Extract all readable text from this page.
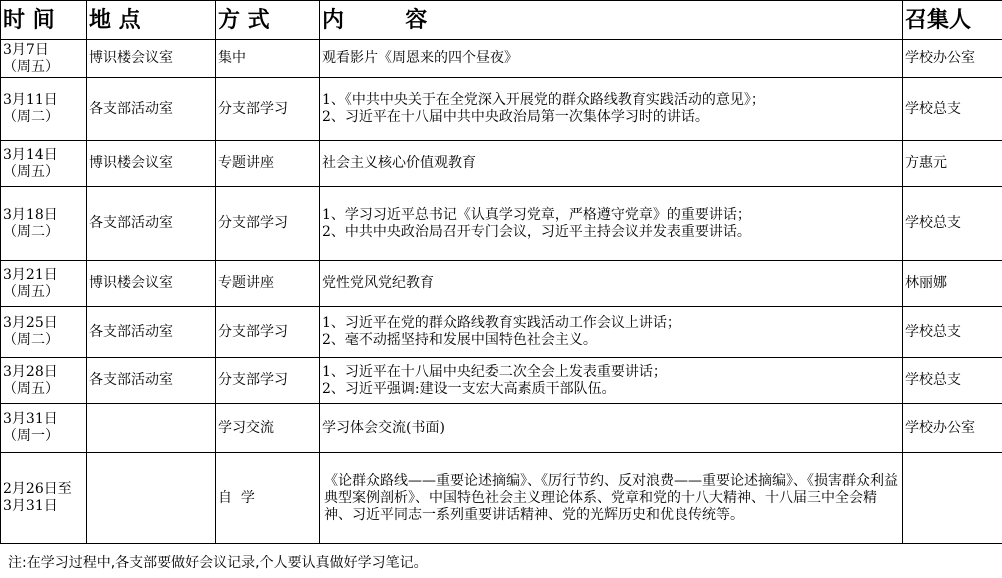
时 间	地 点	方 式	内        容	召集人

3月7日
（周五）	博识楼会议室	集中	观看影片《周恩来的四个昼夜》	学校办公室

3月11日
（周二）	各支部活动室	分支部学习	1、《中共中央关于在全党深入开展党的群众路线教育实践活动的意见》；
2、习近平在十八届中共中央政治局第一次集体学习时的讲话。	学校总支

3月14日
（周五）	博识楼会议室	专题讲座	社会主义核心价值观教育	方惠元

3月18日
（周二）	各支部活动室	分支部学习	1、学习习近平总书记《认真学习党章，严格遵守党章》的重要讲话；
2、中共中央政治局召开专门会议，习近平主持会议并发表重要讲话。	学校总支

3月21日
（周五）	博识楼会议室	专题讲座	党性党风党纪教育	林丽娜

3月25日
（周二）	各支部活动室	分支部学习	1、习近平在党的群众路线教育实践活动工作会议上讲话；
2、毫不动摇坚持和发展中国特色社会主义。	学校总支

3月28日
（周五）	各支部活动室	分支部学习	1、习近平在十八届中央纪委二次全会上发表重要讲话；
2、习近平强调:建设一支宏大高素质干部队伍。	学校总支

3月31日
（周一）		学习交流	学习体会交流(书面)	学校办公室

2月26日至
3月31日		自  学	《论群众路线——重要论述摘编》、《厉行节约、反对浪费——重要论述摘编》、《损害群众利益典型案例剖析》、中国特色社会主义理论体系、党章和党的十八大精神、十八届三中全会精神、习近平同志一系列重要讲话精神、党的光辉历史和优良传统等。	
注:在学习过程中,各支部要做好会议记录,个人要认真做好学习笔记。
